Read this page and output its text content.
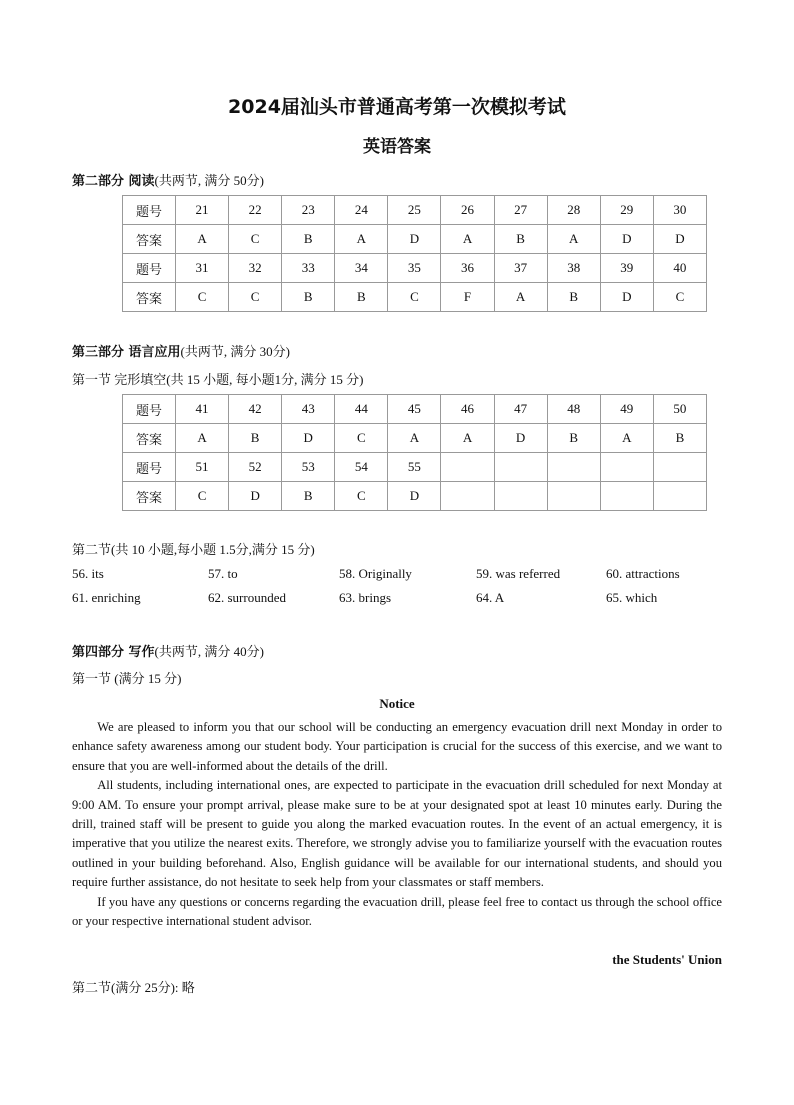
2024届汕头市普通高考第一次模拟考试
英语答案
第二部分 阅读(共两节, 满分 50分)
题号	21	22	23	24	25	26	27	28	29	30
答案	A	C	B	A	D	A	B	A	D	D
题号	31	32	33	34	35	36	37	38	39	40
答案	C	C	B	B	C	F	A	B	D	C
第三部分 语言应用(共两节, 满分 30分)
第一节 完形填空(共 15 小题, 每小题1分, 满分 15 分)
题号	41	42	43	44	45	46	47	48	49	50
答案	A	B	D	C	A	A	D	B	A	B
题号	51	52	53	54	55					
答案	C	D	B	C	D					
第二节(共 10 小题,每小题 1.5分,满分 15 分)
56. its	57. to	58. Originally	59. was referred	60. attractions
61. enriching	62. surrounded	63. brings	64. A	65. which
第四部分 写作(共两节, 满分 40分)
第一节 (满分 15 分)
Notice

We are pleased to inform you that our school will be conducting an emergency evacuation drill next Monday in order to enhance safety awareness among our student body. Your participation is crucial for the success of this exercise, and we want to ensure that you are well-informed about the details of the drill.

All students, including international ones, are expected to participate in the evacuation drill scheduled for next Monday at 9:00 AM. To ensure your prompt arrival, please make sure to be at your designated spot at least 10 minutes early. During the drill, trained staff will be present to guide you along the marked evacuation routes. In the event of an actual emergency, it is imperative that you utilize the nearest exits. Therefore, we strongly advise you to familiarize yourself with the evacuation routes outlined in your building beforehand. Also, English guidance will be available for our international students, and should you require further assistance, do not hesitate to seek help from your classmates or staff members.

If you have any questions or concerns regarding the evacuation drill, please feel free to contact us through the school office or your respective international student advisor.

the Students' Union
第二节(满分 25分): 略
